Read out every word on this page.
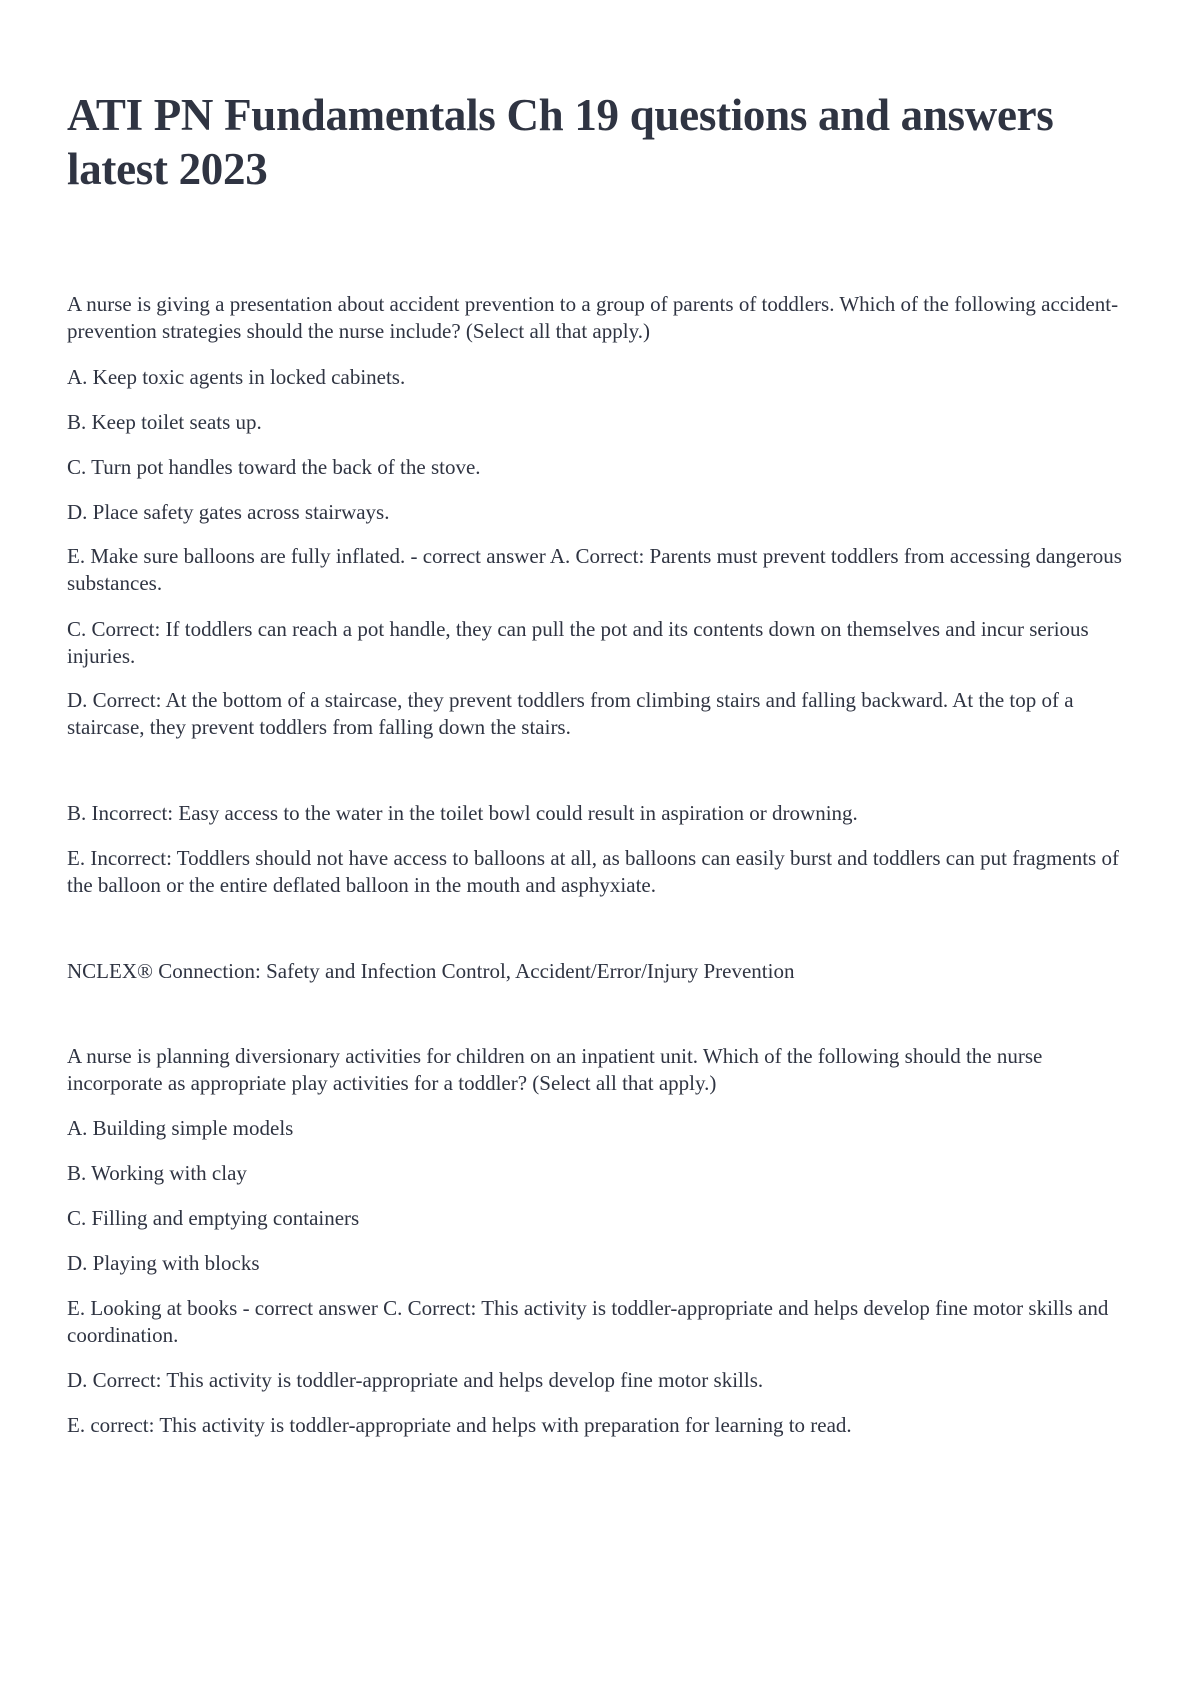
ATI PN Fundamentals Ch 19 questions and answers latest 2023

A nurse is giving a presentation about accident prevention to a group of parents of toddlers. Which of the following accident-prevention strategies should the nurse include? (Select all that apply.)

A. Keep toxic agents in locked cabinets.

B. Keep toilet seats up.

C. Turn pot handles toward the back of the stove.

D. Place safety gates across stairways.

E. Make sure balloons are fully inflated. - correct answer A. Correct: Parents must prevent toddlers from accessing dangerous substances.

C. Correct: If toddlers can reach a pot handle, they can pull the pot and its contents down on themselves and incur serious injuries.

D. Correct: At the bottom of a staircase, they prevent toddlers from climbing stairs and falling backward. At the top of a staircase, they prevent toddlers from falling down the stairs.

B. Incorrect: Easy access to the water in the toilet bowl could result in aspiration or drowning.

E. Incorrect: Toddlers should not have access to balloons at all, as balloons can easily burst and toddlers can put fragments of the balloon or the entire deflated balloon in the mouth and asphyxiate.

NCLEX® Connection: Safety and Infection Control, Accident/Error/Injury Prevention

A nurse is planning diversionary activities for children on an inpatient unit. Which of the following should the nurse incorporate as appropriate play activities for a toddler? (Select all that apply.)

A. Building simple models

B. Working with clay

C. Filling and emptying containers

D. Playing with blocks

E. Looking at books - correct answer C. Correct: This activity is toddler-appropriate and helps develop fine motor skills and coordination.

D. Correct: This activity is toddler-appropriate and helps develop fine motor skills.

E. correct: This activity is toddler-appropriate and helps with preparation for learning to read.
